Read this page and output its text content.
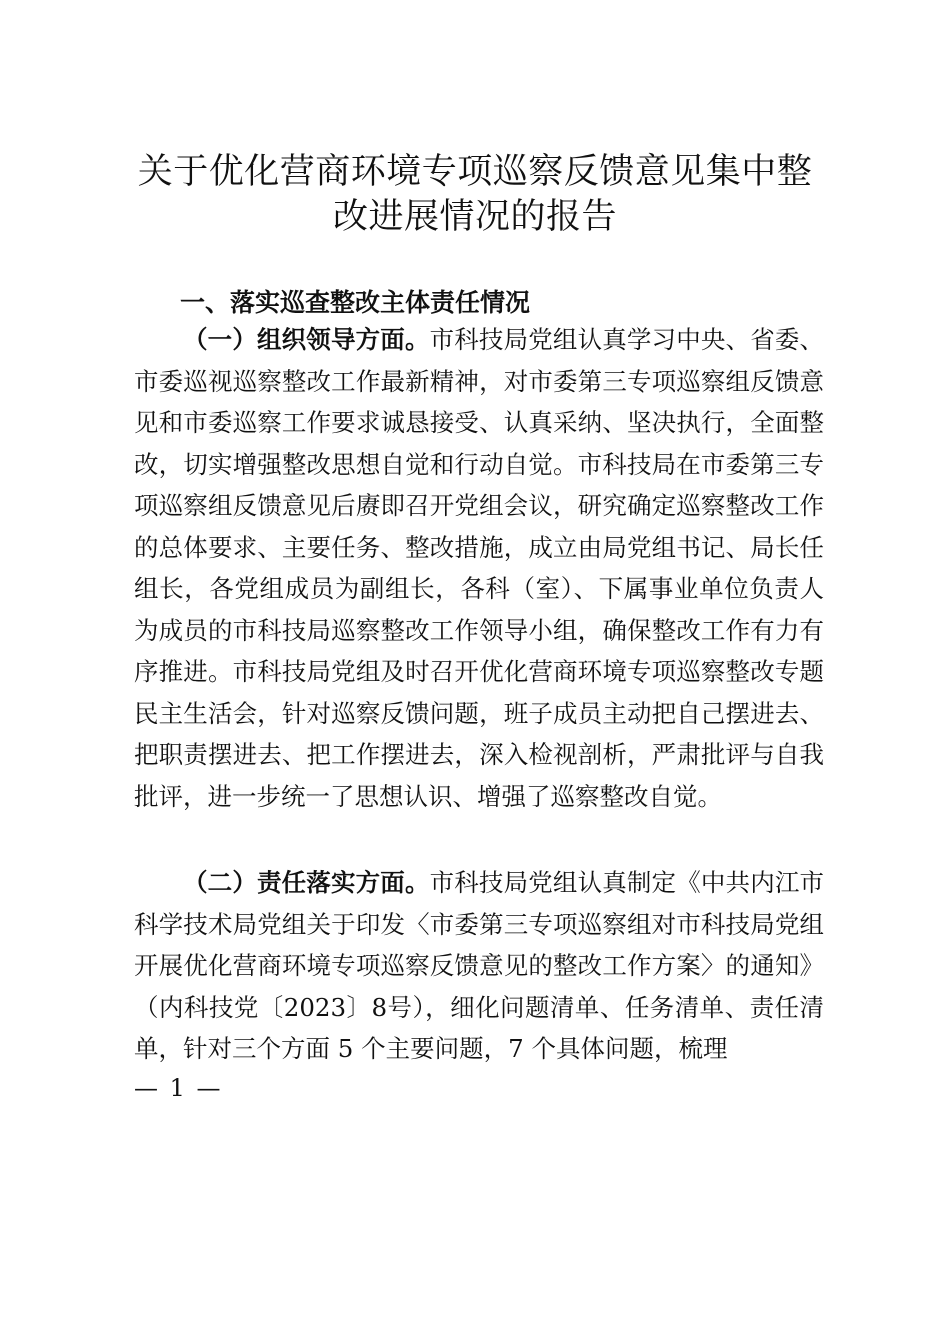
关于优化营商环境专项巡察反馈意见集中整
改进展情况的报告
一、落实巡查整改主体责任情况
（一）组织领导方面。市科技局党组认真学习中央、省委、市委巡视巡察整改工作最新精神，对市委第三专项巡察组反馈意见和市委巡察工作要求诚恳接受、认真采纳、坚决执行，全面整改，切实增强整改思想自觉和行动自觉。市科技局在市委第三专项巡察组反馈意见后赓即召开党组会议，研究确定巡察整改工作的总体要求、主要任务、整改措施，成立由局党组书记、局长任组长，各党组成员为副组长，各科（室）、下属事业单位负责人为成员的市科技局巡察整改工作领导小组，确保整改工作有力有序推进。市科技局党组及时召开优化营商环境专项巡察整改专题民主生活会，针对巡察反馈问题，班子成员主动把自己摆进去、把职责摆进去、把工作摆进去，深入检视剖析，严肃批评与自我批评，进一步统一了思想认识、增强了巡察整改自觉。
（二）责任落实方面。市科技局党组认真制定《中共内江市科学技术局党组关于印发〈市委第三专项巡察组对市科技局党组开展优化营商环境专项巡察反馈意见的整改工作方案〉的通知》（内科技党〔2023〕8号），细化问题清单、任务清单、责任清单，针对三个方面 5 个主要问题，7 个具体问题，梳理
— 1 —
